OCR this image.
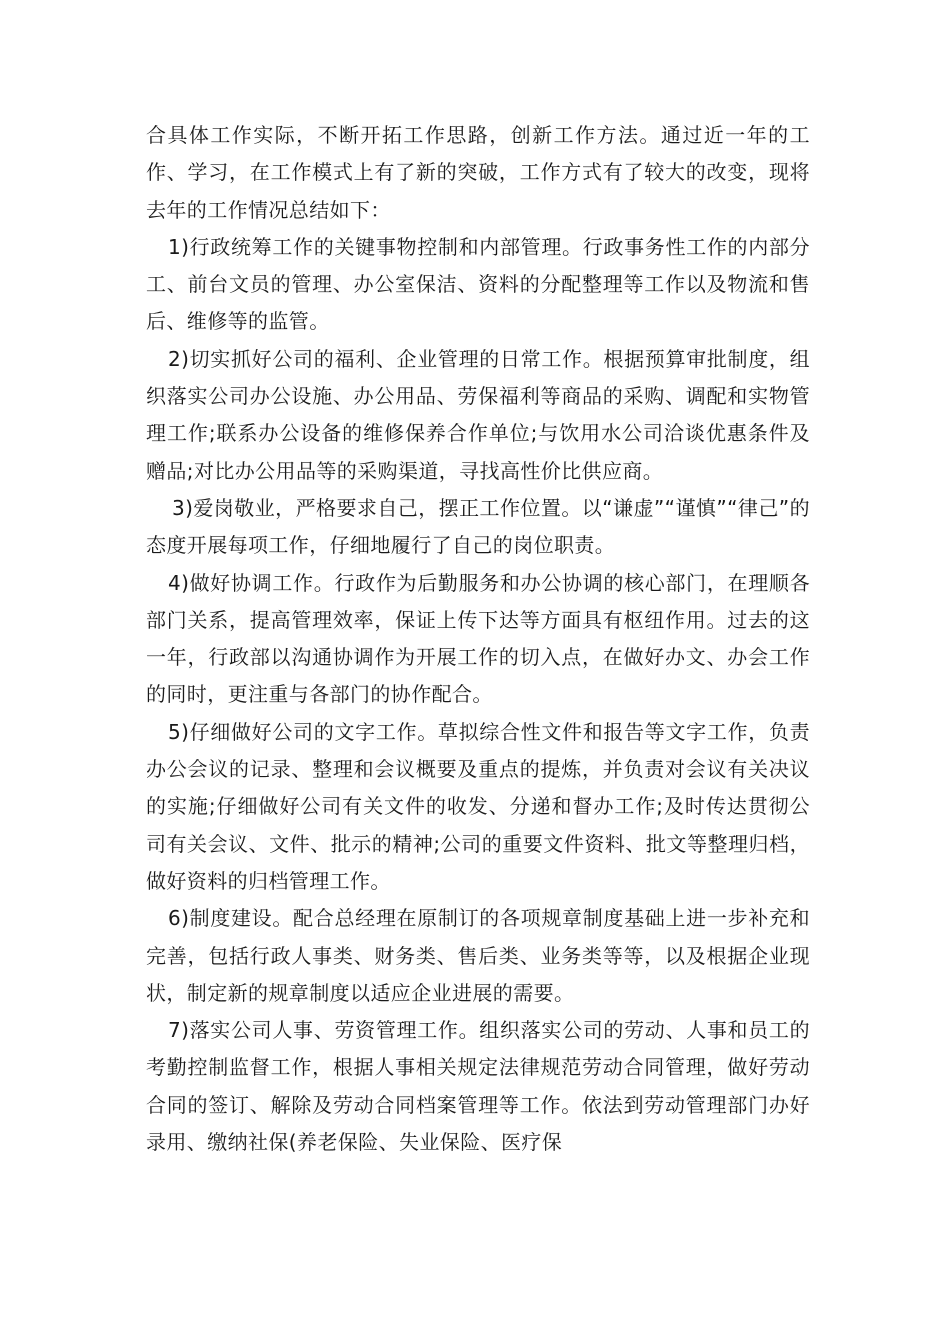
合具体工作实际，不断开拓工作思路，创新工作方法。通过近一年的工作、学习，在工作模式上有了新的突破，工作方式有了较大的改变，现将去年的工作情况总结如下：

1)行政统筹工作的关键事物控制和内部管理。行政事务性工作的内部分工、前台文员的管理、办公室保洁、资料的分配整理等工作以及物流和售后、维修等的监管。

2)切实抓好公司的福利、企业管理的日常工作。根据预算审批制度，组织落实公司办公设施、办公用品、劳保福利等商品的采购、调配和实物管理工作;联系办公设备的维修保养合作单位;与饮用水公司洽谈优惠条件及赠品;对比办公用品等的采购渠道，寻找高性价比供应商。

3)爱岗敬业，严格要求自己，摆正工作位置。以“谦虚”“谨慎”“律己”的态度开展每项工作，仔细地履行了自己的岗位职责。

4)做好协调工作。行政作为后勤服务和办公协调的核心部门，在理顺各部门关系，提高管理效率，保证上传下达等方面具有枢纽作用。过去的这一年，行政部以沟通协调作为开展工作的切入点，在做好办文、办会工作的同时，更注重与各部门的协作配合。

5)仔细做好公司的文字工作。草拟综合性文件和报告等文字工作，负责办公会议的记录、整理和会议概要及重点的提炼，并负责对会议有关决议的实施;仔细做好公司有关文件的收发、分递和督办工作;及时传达贯彻公司有关会议、文件、批示的精神;公司的重要文件资料、批文等整理归档，做好资料的归档管理工作。

6)制度建设。配合总经理在原制订的各项规章制度基础上进一步补充和完善，包括行政人事类、财务类、售后类、业务类等等，以及根据企业现状，制定新的规章制度以适应企业进展的需要。

7)落实公司人事、劳资管理工作。组织落实公司的劳动、人事和员工的考勤控制监督工作，根据人事相关规定法律规范劳动合同管理，做好劳动合同的签订、解除及劳动合同档案管理等工作。依法到劳动管理部门办好录用、缴纳社保(养老保险、失业保险、医疗保
